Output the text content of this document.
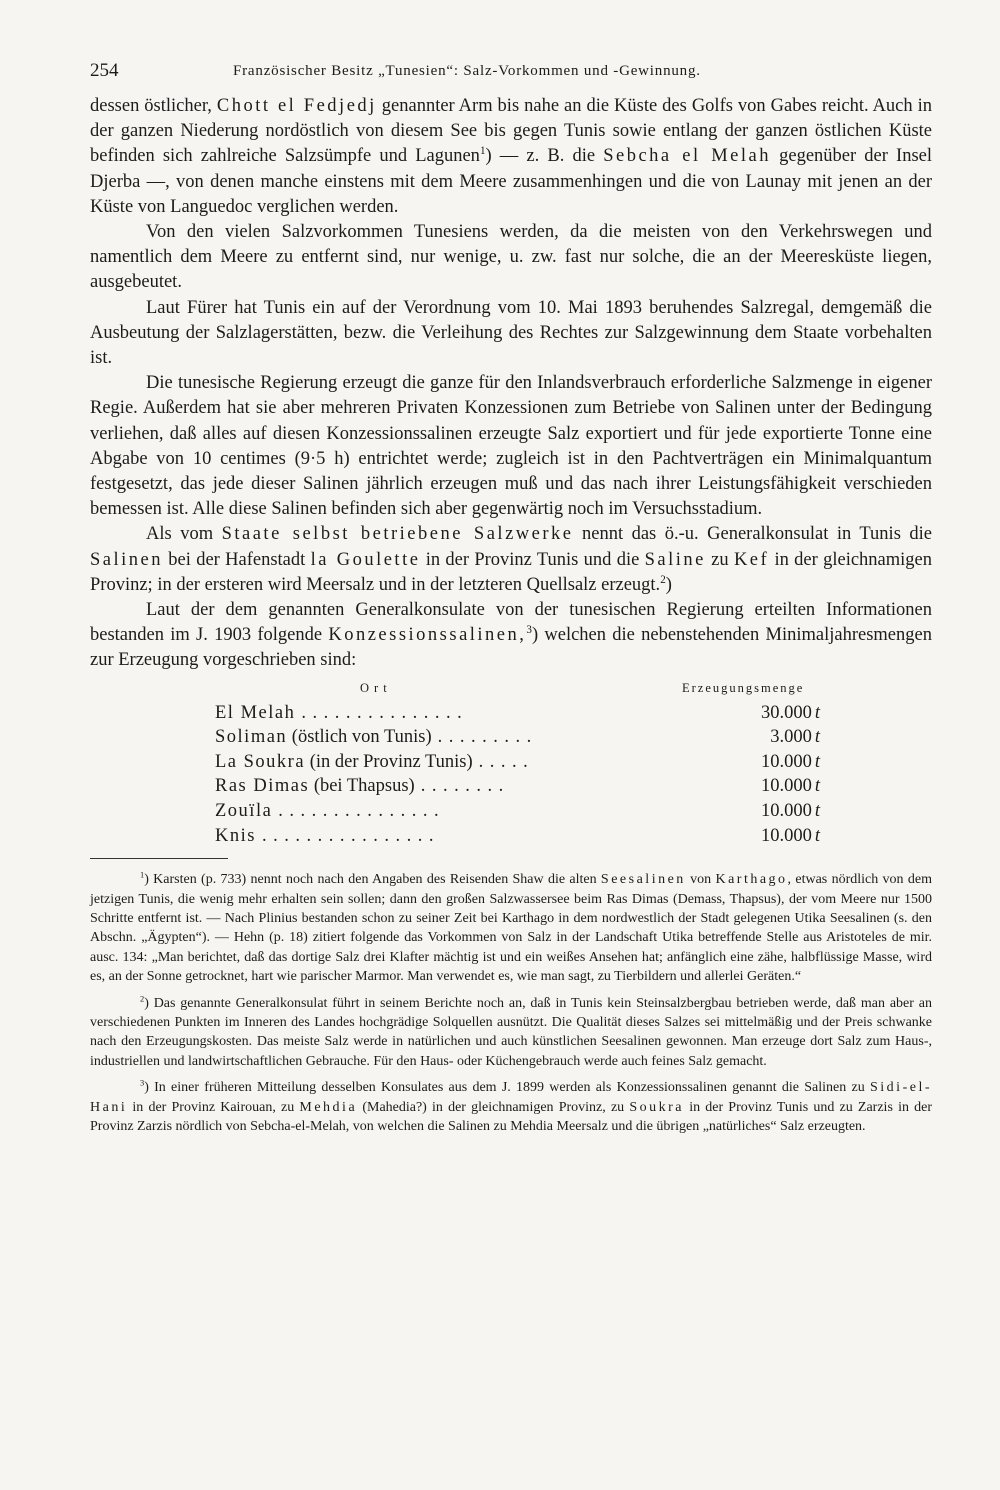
254	Französischer Besitz „Tunesien“: Salz-Vorkommen und -Gewinnung.

dessen östlicher, Chott el Fedjedj genannter Arm bis nahe an die Küste des Golfs von Gabes reicht. Auch in der ganzen Niederung nordöstlich von diesem See bis gegen Tunis sowie entlang der ganzen östlichen Küste befinden sich zahlreiche Salzsümpfe und Lagunen$^1$) — z. B. die Sebcha el Melah gegenüber der Insel Djerba —, von denen manche einstens mit dem Meere zusammenhingen und die von Launay mit jenen an der Küste von Languedoc verglichen werden.

Von den vielen Salzvorkommen Tunesiens werden, da die meisten von den Verkehrswegen und namentlich dem Meere zu entfernt sind, nur wenige, u. zw. fast nur solche, die an der Meeresküste liegen, ausgebeutet.

Laut Fürer hat Tunis ein auf der Verordnung vom 10. Mai 1893 beruhendes Salzregal, demgemäß die Ausbeutung der Salzlagerstätten, bezw. die Verleihung des Rechtes zur Salzgewinnung dem Staate vorbehalten ist.

Die tunesische Regierung erzeugt die ganze für den Inlandsverbrauch erforderliche Salzmenge in eigener Regie. Außerdem hat sie aber mehreren Privaten Konzessionen zum Betriebe von Salinen unter der Bedingung verliehen, daß alles auf diesen Konzessionssalinen erzeugte Salz exportiert und für jede exportierte Tonne eine Abgabe von 10 centimes (9·5 h) entrichtet werde; zugleich ist in den Pachtverträgen ein Minimalquantum festgesetzt, das jede dieser Salinen jährlich erzeugen muß und das nach ihrer Leistungsfähigkeit verschieden bemessen ist. Alle diese Salinen befinden sich aber gegenwärtig noch im Versuchsstadium.

Als vom Staate selbst betriebene Salzwerke nennt das ö.-u. Generalkonsulat in Tunis die Salinen bei der Hafenstadt la Goulette in der Provinz Tunis und die Saline zu Kef in der gleichnamigen Provinz; in der ersteren wird Meersalz und in der letzteren Quellsalz erzeugt.$^2$)

Laut der dem genannten Generalkonsulate von der tunesischen Regierung erteilten Informationen bestanden im J. 1903 folgende Konzessionssalinen,$^3$) welchen die nebenstehenden Minimaljahresmengen zur Erzeugung vorgeschrieben sind:

Ort	Erzeugungsmenge
El Melah ...............	30.000 t
Soliman (östlich von Tunis) .........	3.000 t
La Soukra (in der Provinz Tunis) .....	10.000 t
Ras Dimas (bei Thapsus) ........	10.000 t
Zouïla ...............	10.000 t
Knis ................	10.000 t

$^1$) Karsten (p. 733) nennt noch nach den Angaben des Reisenden Shaw die alten Seesalinen von Karthago, etwas nördlich von dem jetzigen Tunis, die wenig mehr erhalten sein sollen; dann den großen Salzwassersee beim Ras Dimas (Demass, Thapsus), der vom Meere nur 1500 Schritte entfernt ist. — Nach Plinius bestanden schon zu seiner Zeit bei Karthago in dem nordwestlich der Stadt gelegenen Utika Seesalinen (s. den Abschn. „Ägypten“). — Hehn (p. 18) zitiert folgende das Vorkommen von Salz in der Landschaft Utika betreffende Stelle aus Aristoteles de mir. ausc. 134: „Man berichtet, daß das dortige Salz drei Klafter mächtig ist und ein weißes Ansehen hat; anfänglich eine zähe, halbflüssige Masse, wird es, an der Sonne getrocknet, hart wie parischer Marmor. Man verwendet es, wie man sagt, zu Tierbildern und allerlei Geräten.“

$^2$) Das genannte Generalkonsulat führt in seinem Berichte noch an, daß in Tunis kein Steinsalzbergbau betrieben werde, daß man aber an verschiedenen Punkten im Inneren des Landes hochgrädige Solquellen ausnützt. Die Qualität dieses Salzes sei mittelmäßig und der Preis schwanke nach den Erzeugungskosten. Das meiste Salz werde in natürlichen und auch künstlichen Seesalinen gewonnen. Man erzeuge dort Salz zum Haus-, industriellen und landwirtschaftlichen Gebrauche. Für den Haus- oder Küchengebrauch werde auch feines Salz gemacht.

$^3$) In einer früheren Mitteilung desselben Konsulates aus dem J. 1899 werden als Konzessionssalinen genannt die Salinen zu Sidi-el-Hani in der Provinz Kairouan, zu Mehdia (Mahedia?) in der gleichnamigen Provinz, zu Soukra in der Provinz Tunis und zu Zarzis in der Provinz Zarzis nördlich von Sebcha-el-Melah, von welchen die Salinen zu Mehdia Meersalz und die übrigen „natürliches“ Salz erzeugten.
